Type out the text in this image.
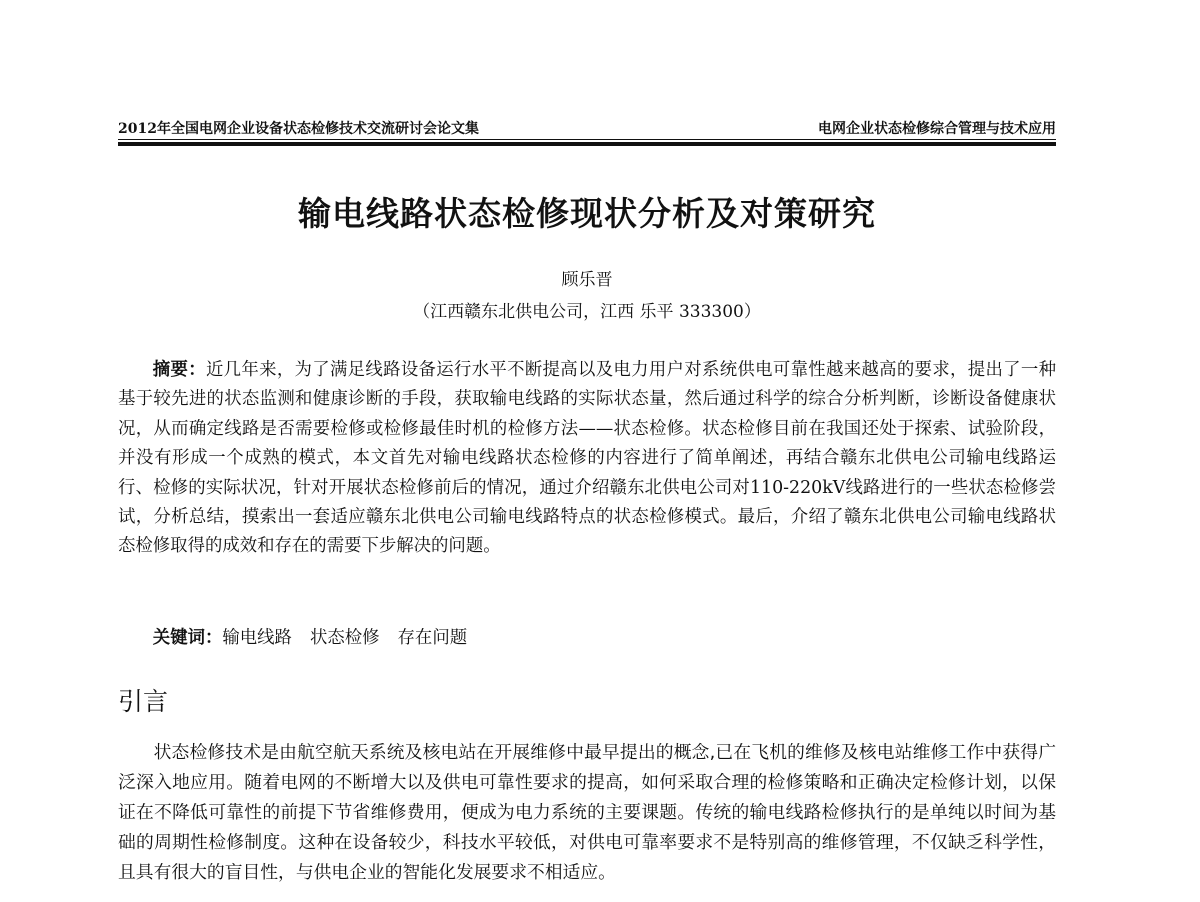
2012年全国电网企业设备状态检修技术交流研讨会论文集	电网企业状态检修综合管理与技术应用
输电线路状态检修现状分析及对策研究
顾乐晋
（江西赣东北供电公司，江西 乐平 333300）

摘要：近几年来，为了满足线路设备运行水平不断提高以及电力用户对系统供电可靠性越来越高的要求，提出了一种基于较先进的状态监测和健康诊断的手段，获取输电线路的实际状态量，然后通过科学的综合分析判断，诊断设备健康状况，从而确定线路是否需要检修或检修最佳时机的检修方法——状态检修。状态检修目前在我国还处于探索、试验阶段，并没有形成一个成熟的模式，本文首先对输电线路状态检修的内容进行了简单阐述，再结合赣东北供电公司输电线路运行、检修的实际状况，针对开展状态检修前后的情况，通过介绍赣东北供电公司对110-220kV线路进行的一些状态检修尝试，分析总结，摸索出一套适应赣东北供电公司输电线路特点的状态检修模式。最后，介绍了赣东北供电公司输电线路状态检修取得的成效和存在的需要下步解决的问题。

关键词：输电线路 状态检修 存在问题
引言

状态检修技术是由航空航天系统及核电站在开展维修中最早提出的概念,已在飞机的维修及核电站维修工作中获得广泛深入地应用。随着电网的不断增大以及供电可靠性要求的提高，如何采取合理的检修策略和正确决定检修计划，以保证在不降低可靠性的前提下节省维修费用，便成为电力系统的主要课题。传统的输电线路检修执行的是单纯以时间为基础的周期性检修制度。这种在设备较少，科技水平较低，对供电可靠率要求不是特别高的维修管理，不仅缺乏科学性，且具有很大的盲目性，与供电企业的智能化发展要求不相适应。
